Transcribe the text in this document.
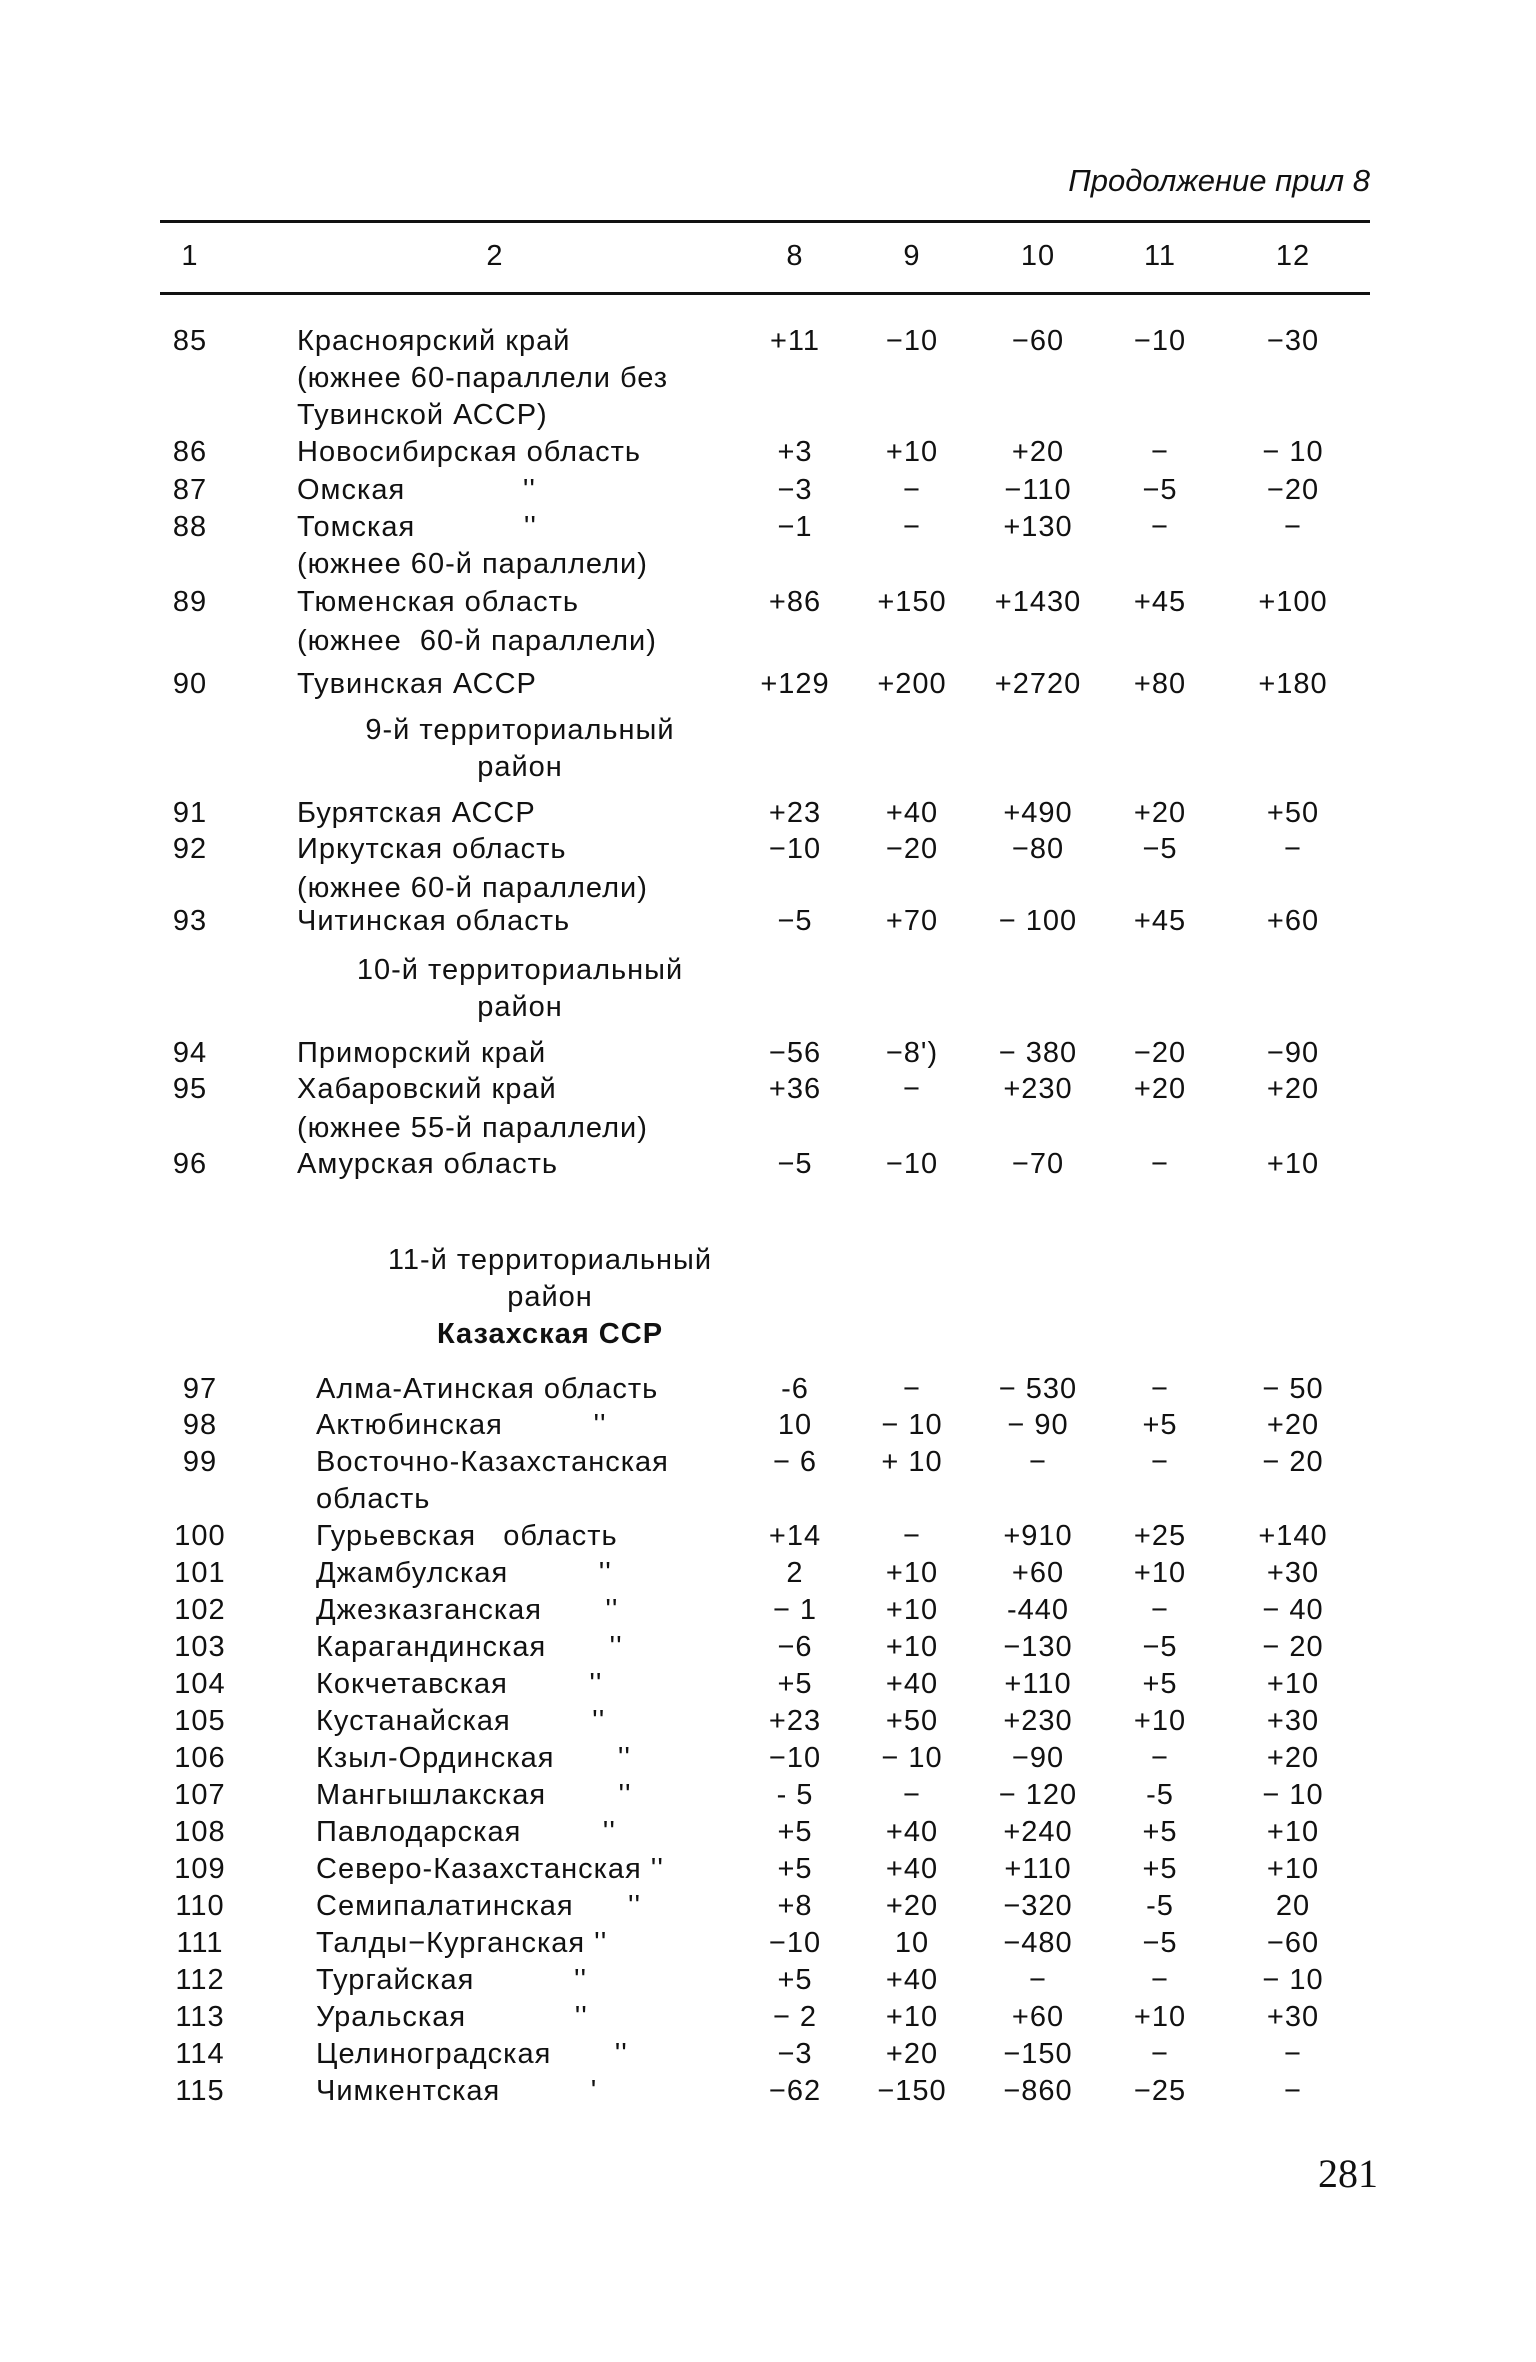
Продолжение прил 8
1	2	8	9	10	11	12
85	Красноярский край	+11	−10	−60	−10	−30
(южнее 60-параллели без
Тувинской АССР)
86	Новосибирская область	+3	+10	+20	−	− 10
87	Омская             ''	−3	−	−110	−5	−20
88	Томская            ''	−1	−	+130	−	−
(южнее 60-й параллели)
89	Тюменская область	+86	+150	+1430	+45	+100
(южнее  60-й параллели)
90	Тувинская АССР	+129	+200	+2720	+80	+180
91	Бурятская АССР	+23	+40	+490	+20	+50
92	Иркутская область	−10	−20	−80	−5	−
(южнее 60-й параллели)
93	Читинская область	−5	+70	− 100	+45	+60
94	Приморский край	−56	−8')	− 380	−20	−90
95	Хабаровский край	+36	−	+230	+20	+20
(южнее 55-й параллели)
96	Амурская область	−5	−10	−70	−	+10
9-й территориальный
район
10-й территориальный
район
11-й территориальный
район
Казахская ССР
97	Алма-Атинская область	-6	−	− 530	−	− 50
98	Актюбинская          ''	10	− 10	− 90	+5	+20
99	Восточно-Казахстанская	− 6	+ 10	−	−	− 20
область
100	Гурьевская   область	+14	−	+910	+25	+140
101	Джамбулская          ''	2	+10	+60	+10	+30
102	Джезказганская       ''	− 1	+10	-440	−	− 40
103	Карагандинская       ''	−6	+10	−130	−5	− 20
104	Кокчетавская         ''	+5	+40	+110	+5	+10
105	Кустанайская         ''	+23	+50	+230	+10	+30
106	Кзыл-Ординская       ''	−10	− 10	−90	−	+20
107	Мангышлакская        ''	- 5	−	− 120	-5	− 10
108	Павлодарская         ''	+5	+40	+240	+5	+10
109	Северо-Казахстанская ''	+5	+40	+110	+5	+10
110	Семипалатинская      ''	+8	+20	−320	-5	20
111	Талды−Курганская ''	−10	10	−480	−5	−60
112	Тургайская           ''	+5	+40	−	−	− 10
113	Уральская            ''	− 2	+10	+60	+10	+30
114	Целиноградская       ''	−3	+20	−150	−	−
115	Чимкентская          '	−62	−150	−860	−25	−
281
